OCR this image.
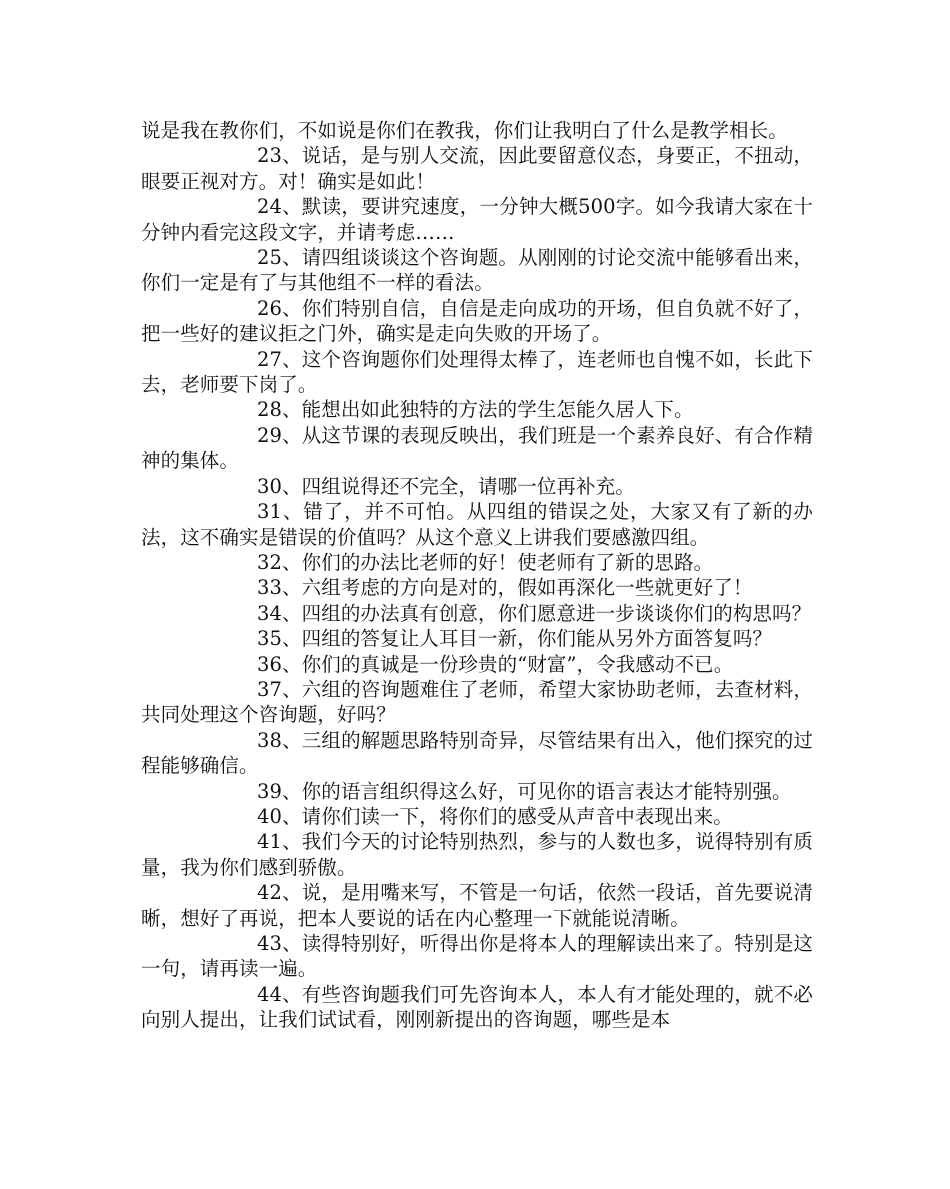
说是我在教你们，不如说是你们在教我，你们让我明白了什么是教学相长。

23、说话，是与别人交流，因此要留意仪态，身要正，不扭动，眼要正视对方。对！确实是如此！

24、默读，要讲究速度，一分钟大概500字。如今我请大家在十分钟内看完这段文字，并请考虑……

25、请四组谈谈这个咨询题。从刚刚的讨论交流中能够看出来，你们一定是有了与其他组不一样的看法。

26、你们特别自信，自信是走向成功的开场，但自负就不好了，把一些好的建议拒之门外，确实是走向失败的开场了。

27、这个咨询题你们处理得太棒了，连老师也自愧不如，长此下去，老师要下岗了。

28、能想出如此独特的方法的学生怎能久居人下。

29、从这节课的表现反映出，我们班是一个素养良好、有合作精神的集体。

30、四组说得还不完全，请哪一位再补充。

31、错了，并不可怕。从四组的错误之处，大家又有了新的办法，这不确实是错误的价值吗？从这个意义上讲我们要感激四组。

32、你们的办法比老师的好！使老师有了新的思路。

33、六组考虑的方向是对的，假如再深化一些就更好了！

34、四组的办法真有创意，你们愿意进一步谈谈你们的构思吗？

35、四组的答复让人耳目一新，你们能从另外方面答复吗？

36、你们的真诚是一份珍贵的“财富”，令我感动不已。

37、六组的咨询题难住了老师，希望大家协助老师，去查材料，共同处理这个咨询题，好吗？

38、三组的解题思路特别奇异，尽管结果有出入，他们探究的过程能够确信。

39、你的语言组织得这么好，可见你的语言表达才能特别强。

40、请你们读一下，将你们的感受从声音中表现出来。

41、我们今天的讨论特别热烈，参与的人数也多，说得特别有质量，我为你们感到骄傲。

42、说，是用嘴来写，不管是一句话，依然一段话，首先要说清晰，想好了再说，把本人要说的话在内心整理一下就能说清晰。

43、读得特别好，听得出你是将本人的理解读出来了。特别是这一句，请再读一遍。

44、有些咨询题我们可先咨询本人，本人有才能处理的，就不必向别人提出，让我们试试看，刚刚新提出的咨询题，哪些是本
